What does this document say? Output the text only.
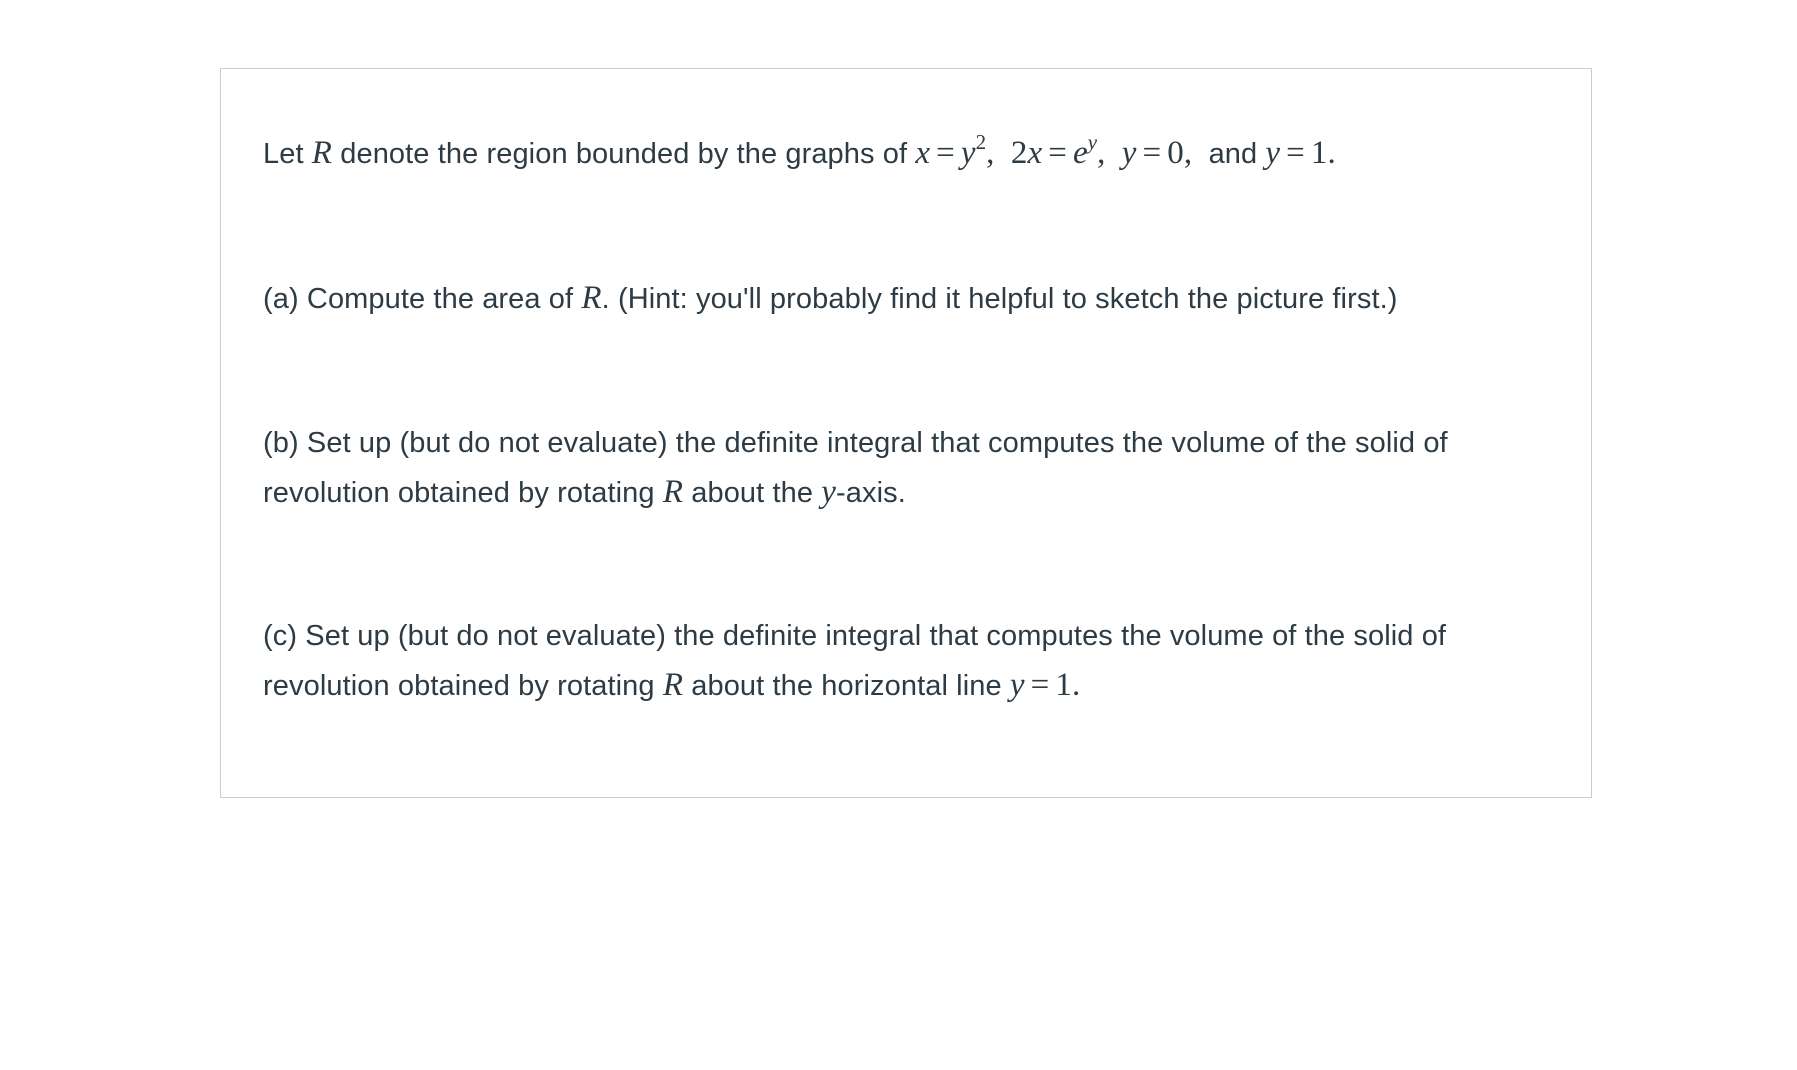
Let R denote the region bounded by the graphs of $x = y^2$, $2x = e^y$, y = 0, and y = 1.
(a) Compute the area of R. (Hint: you'll probably find it helpful to sketch the picture first.)
(b) Set up (but do not evaluate) the definite integral that computes the volume of the solid of revolution obtained by rotating R about the y-axis.
(c) Set up (but do not evaluate) the definite integral that computes the volume of the solid of revolution obtained by rotating R about the horizontal line y = 1.
